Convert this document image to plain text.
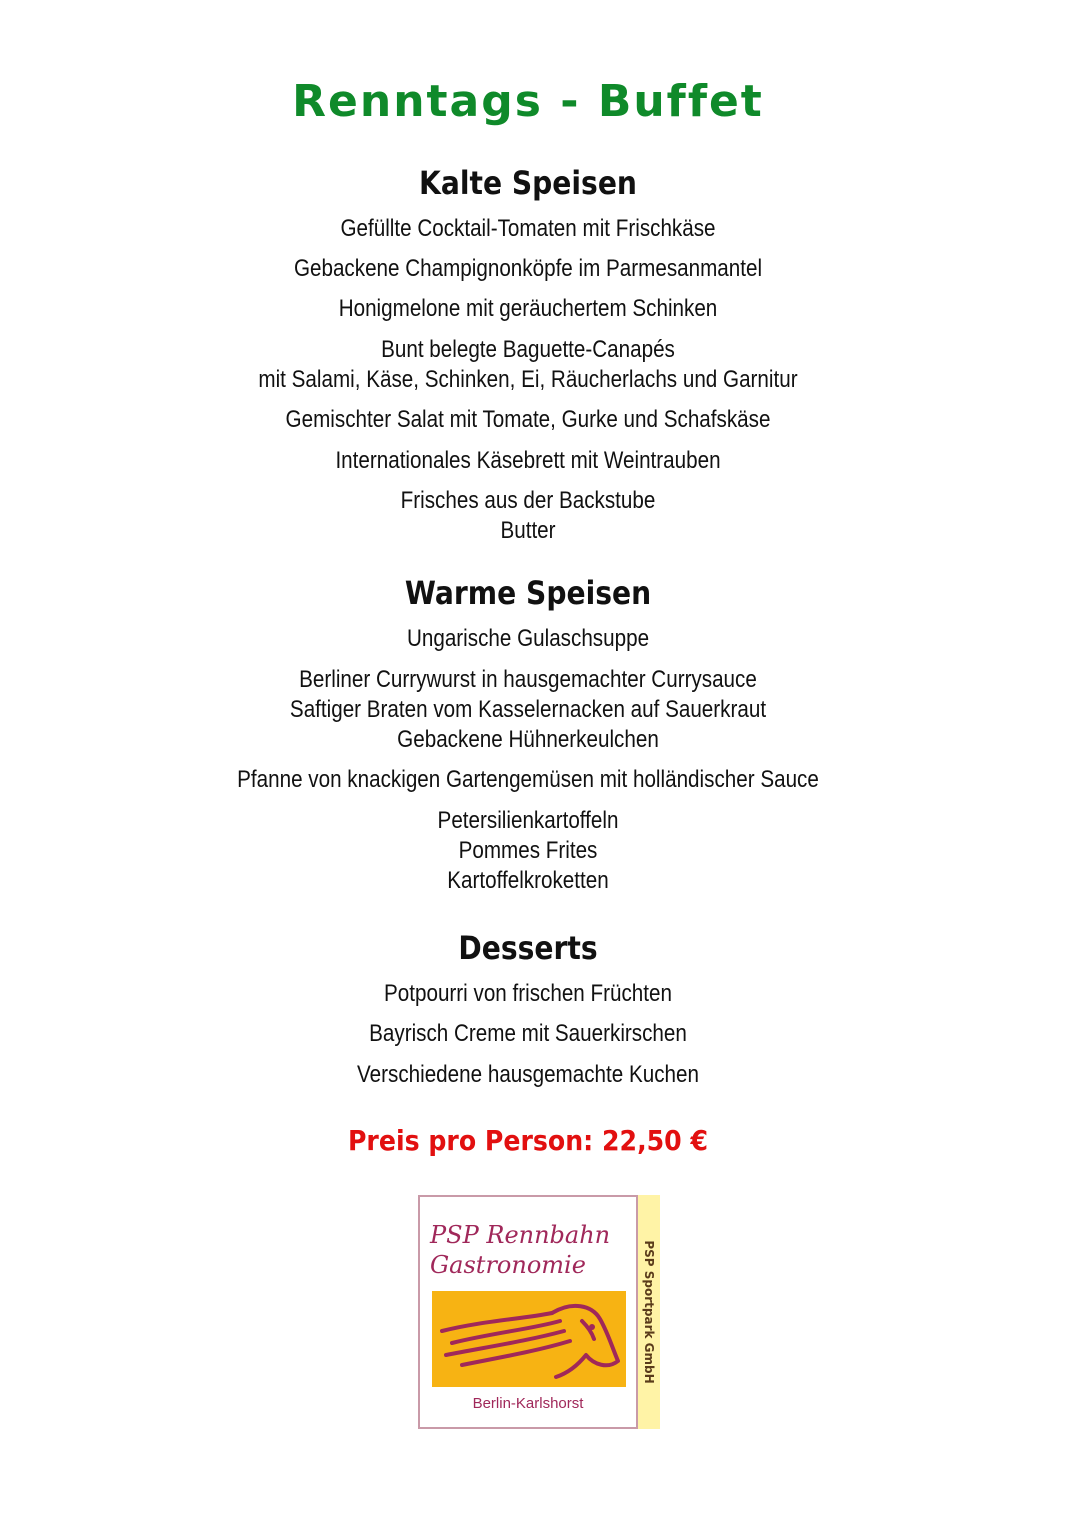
Renntags - Buffet
Kalte Speisen
Gefüllte Cocktail-Tomaten mit Frischkäse
Gebackene Champignonköpfe im Parmesanmantel
Honigmelone mit geräuchertem Schinken
Bunt belegte Baguette-Canapés
mit Salami, Käse, Schinken, Ei, Räucherlachs und Garnitur
Gemischter Salat mit Tomate, Gurke und Schafskäse
Internationales Käsebrett mit Weintrauben
Frisches aus der Backstube
Butter
Warme Speisen
Ungarische Gulaschsuppe
Berliner Currywurst in hausgemachter Currysauce
Saftiger Braten vom Kasselernacken auf Sauerkraut
Gebackene Hühnerkeulchen
Pfanne von knackigen Gartengemüsen mit holländischer Sauce
Petersilienkartoffeln
Pommes Frites
Kartoffelkroketten
Desserts
Potpourri von frischen Früchten
Bayrisch Creme mit Sauerkirschen
Verschiedene hausgemachte Kuchen
Preis pro Person: 22,50 €
PSP Sportpark GmbH
PSP Rennbahn
Gastronomie
Berlin-Karlshorst
